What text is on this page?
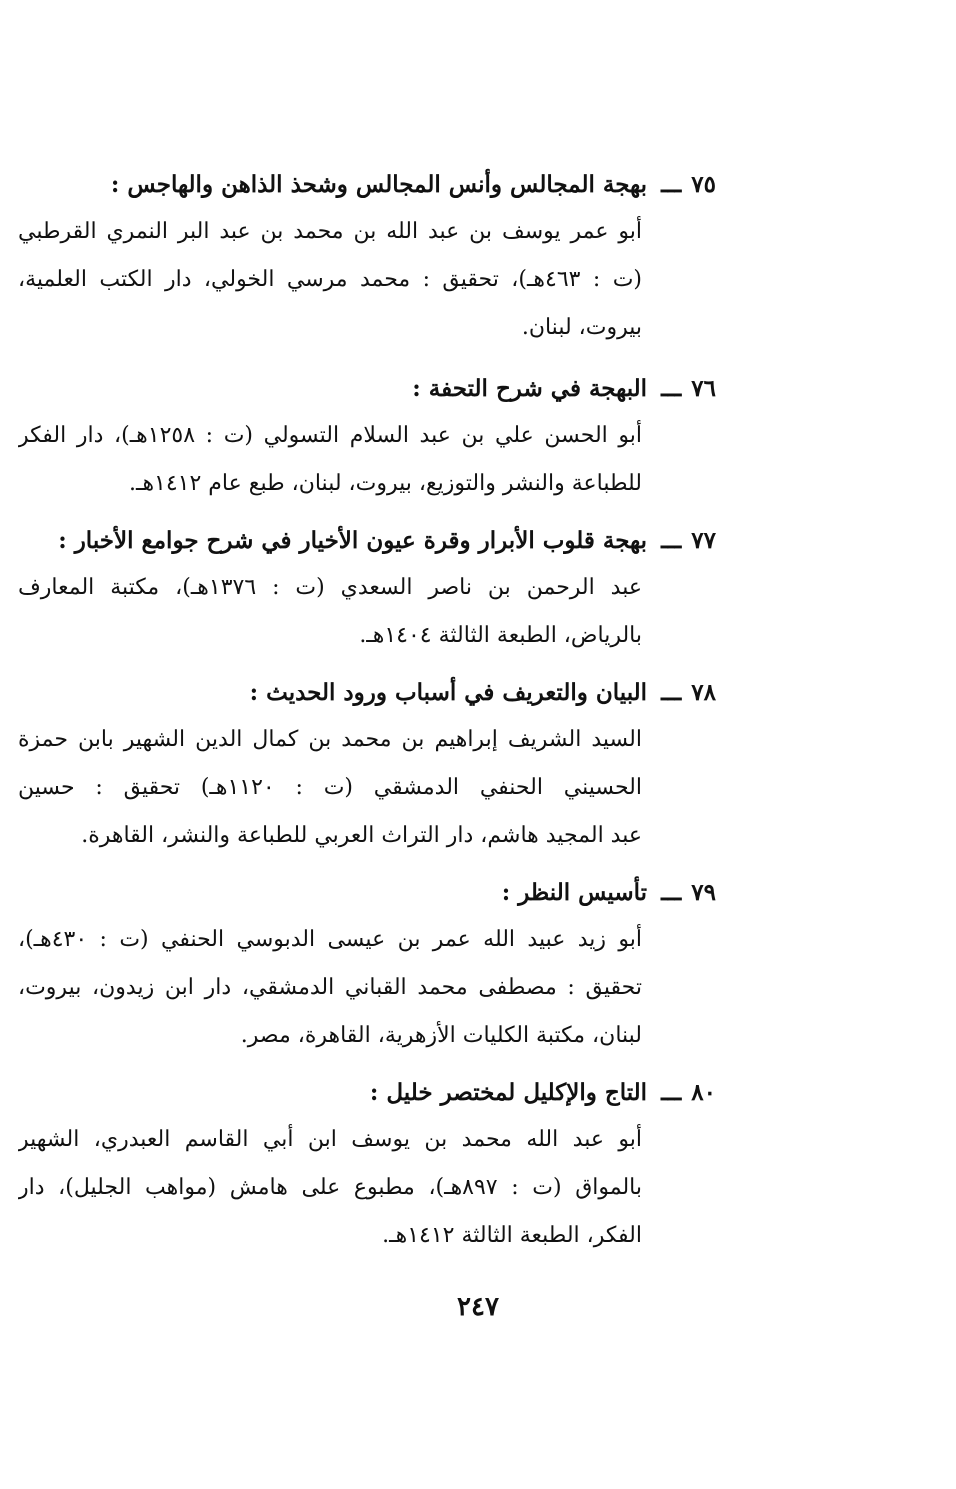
٧٥
ـــ
بهجة المجالس وأنس المجالس وشحذ الذاهن والهاجس :
أبو عمر يوسف بن عبد الله بن محمد بن عبد البر النمري القرطبي
(ت : ٤٦٣هـ)، تحقيق : محمد مرسي الخولي، دار الكتب العلمية،
بيروت، لبنان.
٧٦
ـــ
البهجة في شرح التحفة :
أبو الحسن علي بن عبد السلام التسولي (ت : ١٢٥٨هـ)، دار الفكر
للطباعة والنشر والتوزيع، بيروت، لبنان، طبع عام ١٤١٢هـ.
٧٧
ـــ
بهجة قلوب الأبرار وقرة عيون الأخيار في شرح جوامع الأخبار :
عبد الرحمن بن ناصر السعدي (ت : ١٣٧٦هـ)، مكتبة المعارف
بالرياض، الطبعة الثالثة ١٤٠٤هـ.
٧٨
ـــ
البيان والتعريف في أسباب ورود الحديث :
السيد الشريف إبراهيم بن محمد بن كمال الدين الشهير بابن حمزة
الحسيني الحنفي الدمشقي (ت : ١١٢٠هـ) تحقيق : حسين
عبد المجيد هاشم، دار التراث العربي للطباعة والنشر، القاهرة.
٧٩
ـــ
تأسيس النظر :
أبو زيد عبيد الله عمر بن عيسى الدبوسي الحنفي (ت : ٤٣٠هـ)،
تحقيق : مصطفى محمد القباني الدمشقي، دار ابن زيدون، بيروت،
لبنان، مكتبة الكليات الأزهرية، القاهرة، مصر.
٨٠
ـــ
التاج والإكليل لمختصر خليل :
أبو عبد الله محمد بن يوسف ابن أبي القاسم العبدري، الشهير
بالمواق (ت : ٨٩٧هـ)، مطبوع على هامش (مواهب الجليل)، دار
الفكر، الطبعة الثالثة ١٤١٢هـ.
٢٤٧
